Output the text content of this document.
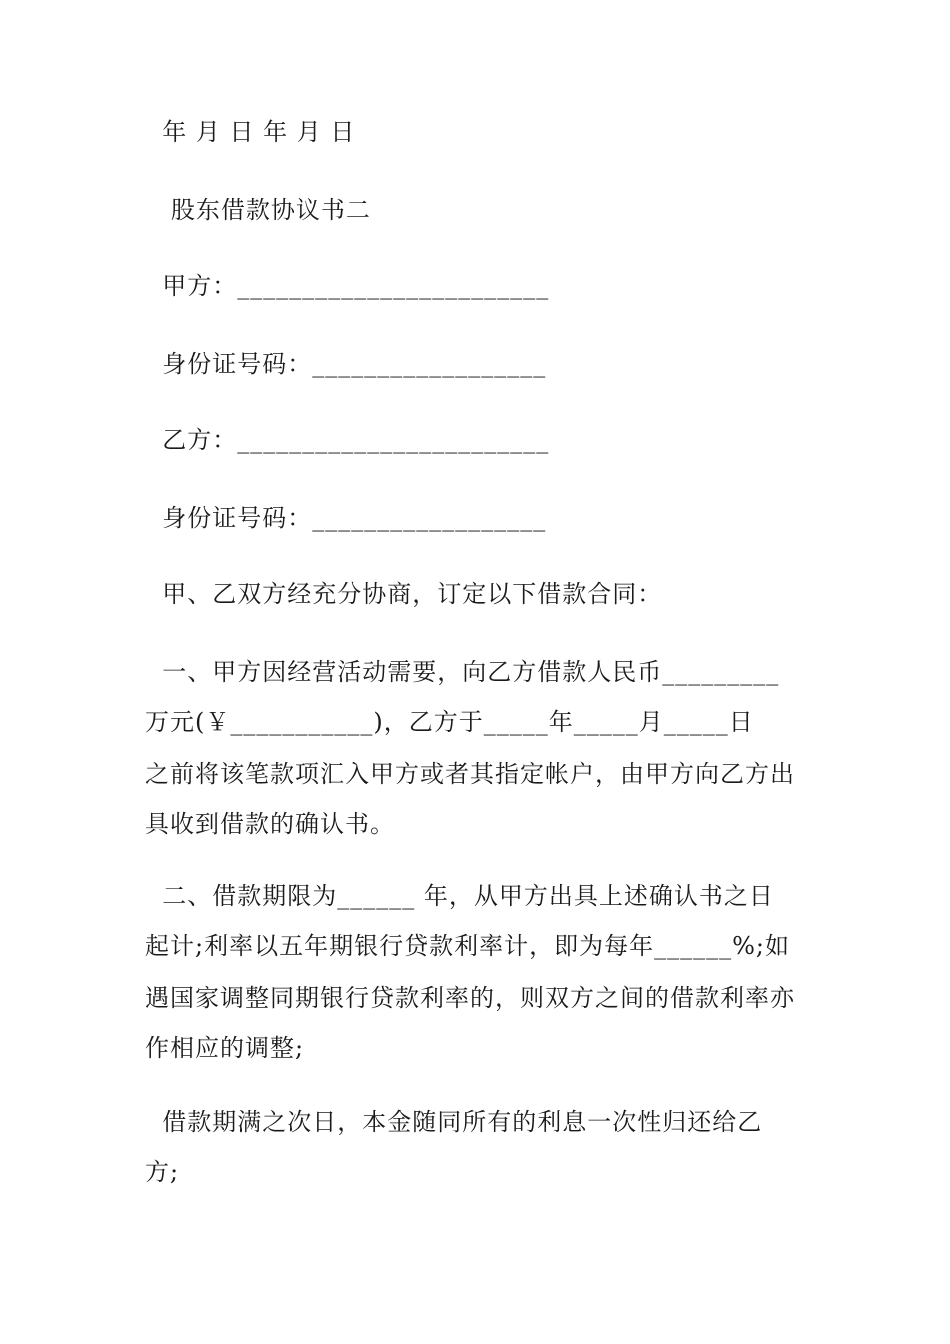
年 月 日 年 月 日
股东借款协议书二
甲方：________________________
身份证号码：__________________
乙方：________________________
身份证号码：__________________
甲、乙双方经充分协商，订定以下借款合同：
一、甲方因经营活动需要，向乙方借款人民币_________
万元(￥___________)，乙方于_____年_____月_____日
之前将该笔款项汇入甲方或者其指定帐户，由甲方向乙方出
具收到借款的确认书。
二、借款期限为______ 年，从甲方出具上述确认书之日
起计;利率以五年期银行贷款利率计，即为每年______%;如
遇国家调整同期银行贷款利率的，则双方之间的借款利率亦
作相应的调整;
借款期满之次日，本金随同所有的利息一次性归还给乙
方;
